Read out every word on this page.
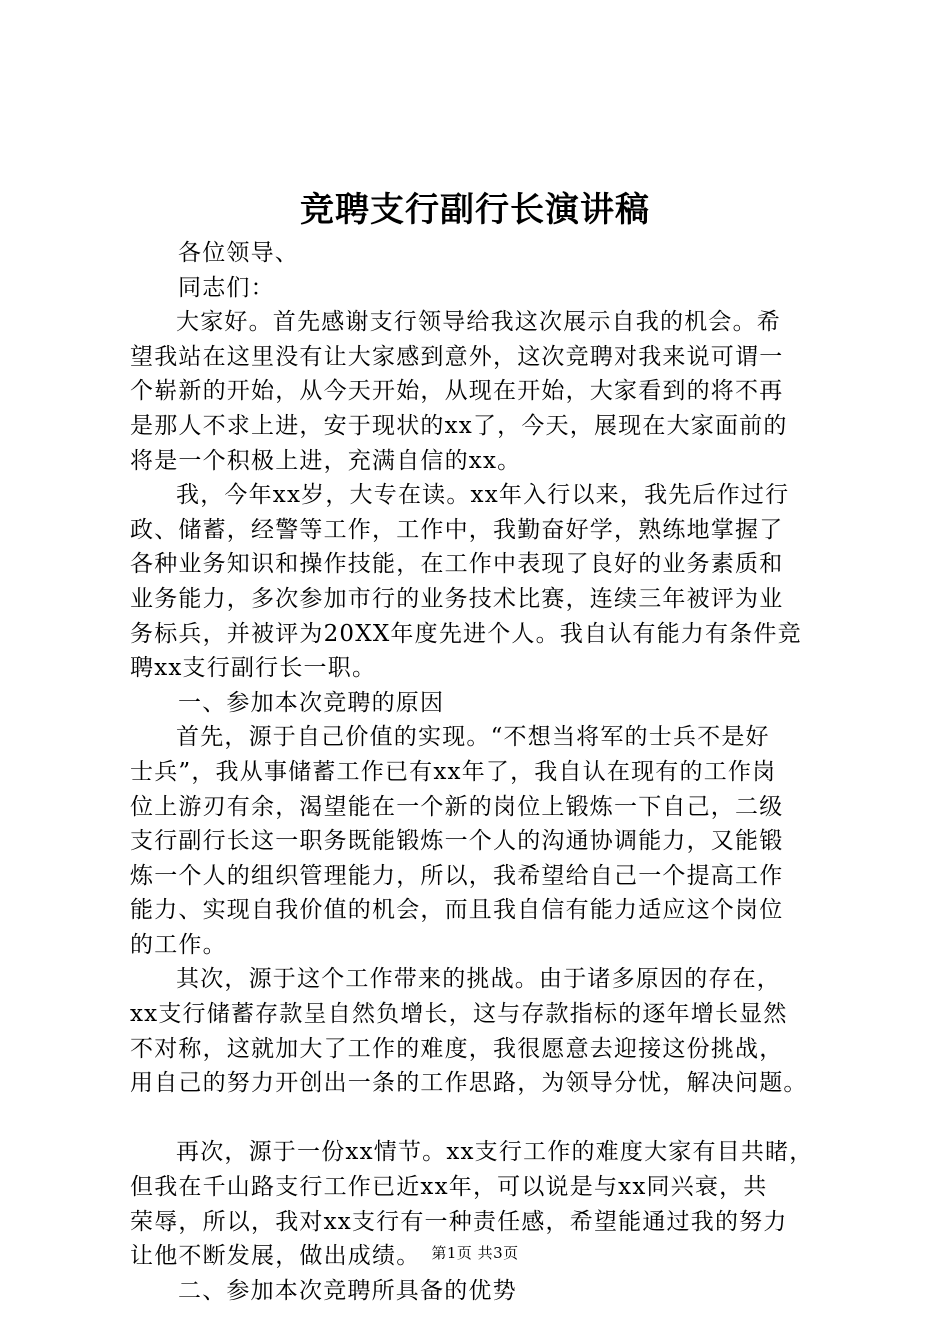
竞聘支行副行长演讲稿
各位领导、
同志们：
大家好。首先感谢支行领导给我这次展示自我的机会。希
望我站在这里没有让大家感到意外，这次竞聘对我来说可谓一
个崭新的开始，从今天开始，从现在开始，大家看到的将不再
是那人不求上进，安于现状的xx了，今天，展现在大家面前的
将是一个积极上进，充满自信的xx。
我，今年xx岁，大专在读。xx年入行以来，我先后作过行
政、储蓄，经警等工作，工作中，我勤奋好学，熟练地掌握了
各种业务知识和操作技能，在工作中表现了良好的业务素质和
业务能力，多次参加市行的业务技术比赛，连续三年被评为业
务标兵，并被评为20XX年度先进个人。我自认有能力有条件竞
聘xx支行副行长一职。
一、参加本次竞聘的原因
首先，源于自己价值的实现。“不想当将军的士兵不是好
士兵”，我从事储蓄工作已有xx年了，我自认在现有的工作岗
位上游刃有余，渴望能在一个新的岗位上锻炼一下自己，二级
支行副行长这一职务既能锻炼一个人的沟通协调能力，又能锻
炼一个人的组织管理能力，所以，我希望给自己一个提高工作
能力、实现自我价值的机会，而且我自信有能力适应这个岗位
的工作。
其次，源于这个工作带来的挑战。由于诸多原因的存在，
xx支行储蓄存款呈自然负增长，这与存款指标的逐年增长显然
不对称，这就加大了工作的难度，我很愿意去迎接这份挑战，
用自己的努力开创出一条的工作思路，为领导分忧，解决问题。
再次，源于一份xx情节。xx支行工作的难度大家有目共睹，
但我在千山路支行工作已近xx年，可以说是与xx同兴衰，共
荣辱，所以，我对xx支行有一种责任感，希望能通过我的努力
让他不断发展，做出成绩。
二、参加本次竞聘所具备的优势
第1页 共3页
